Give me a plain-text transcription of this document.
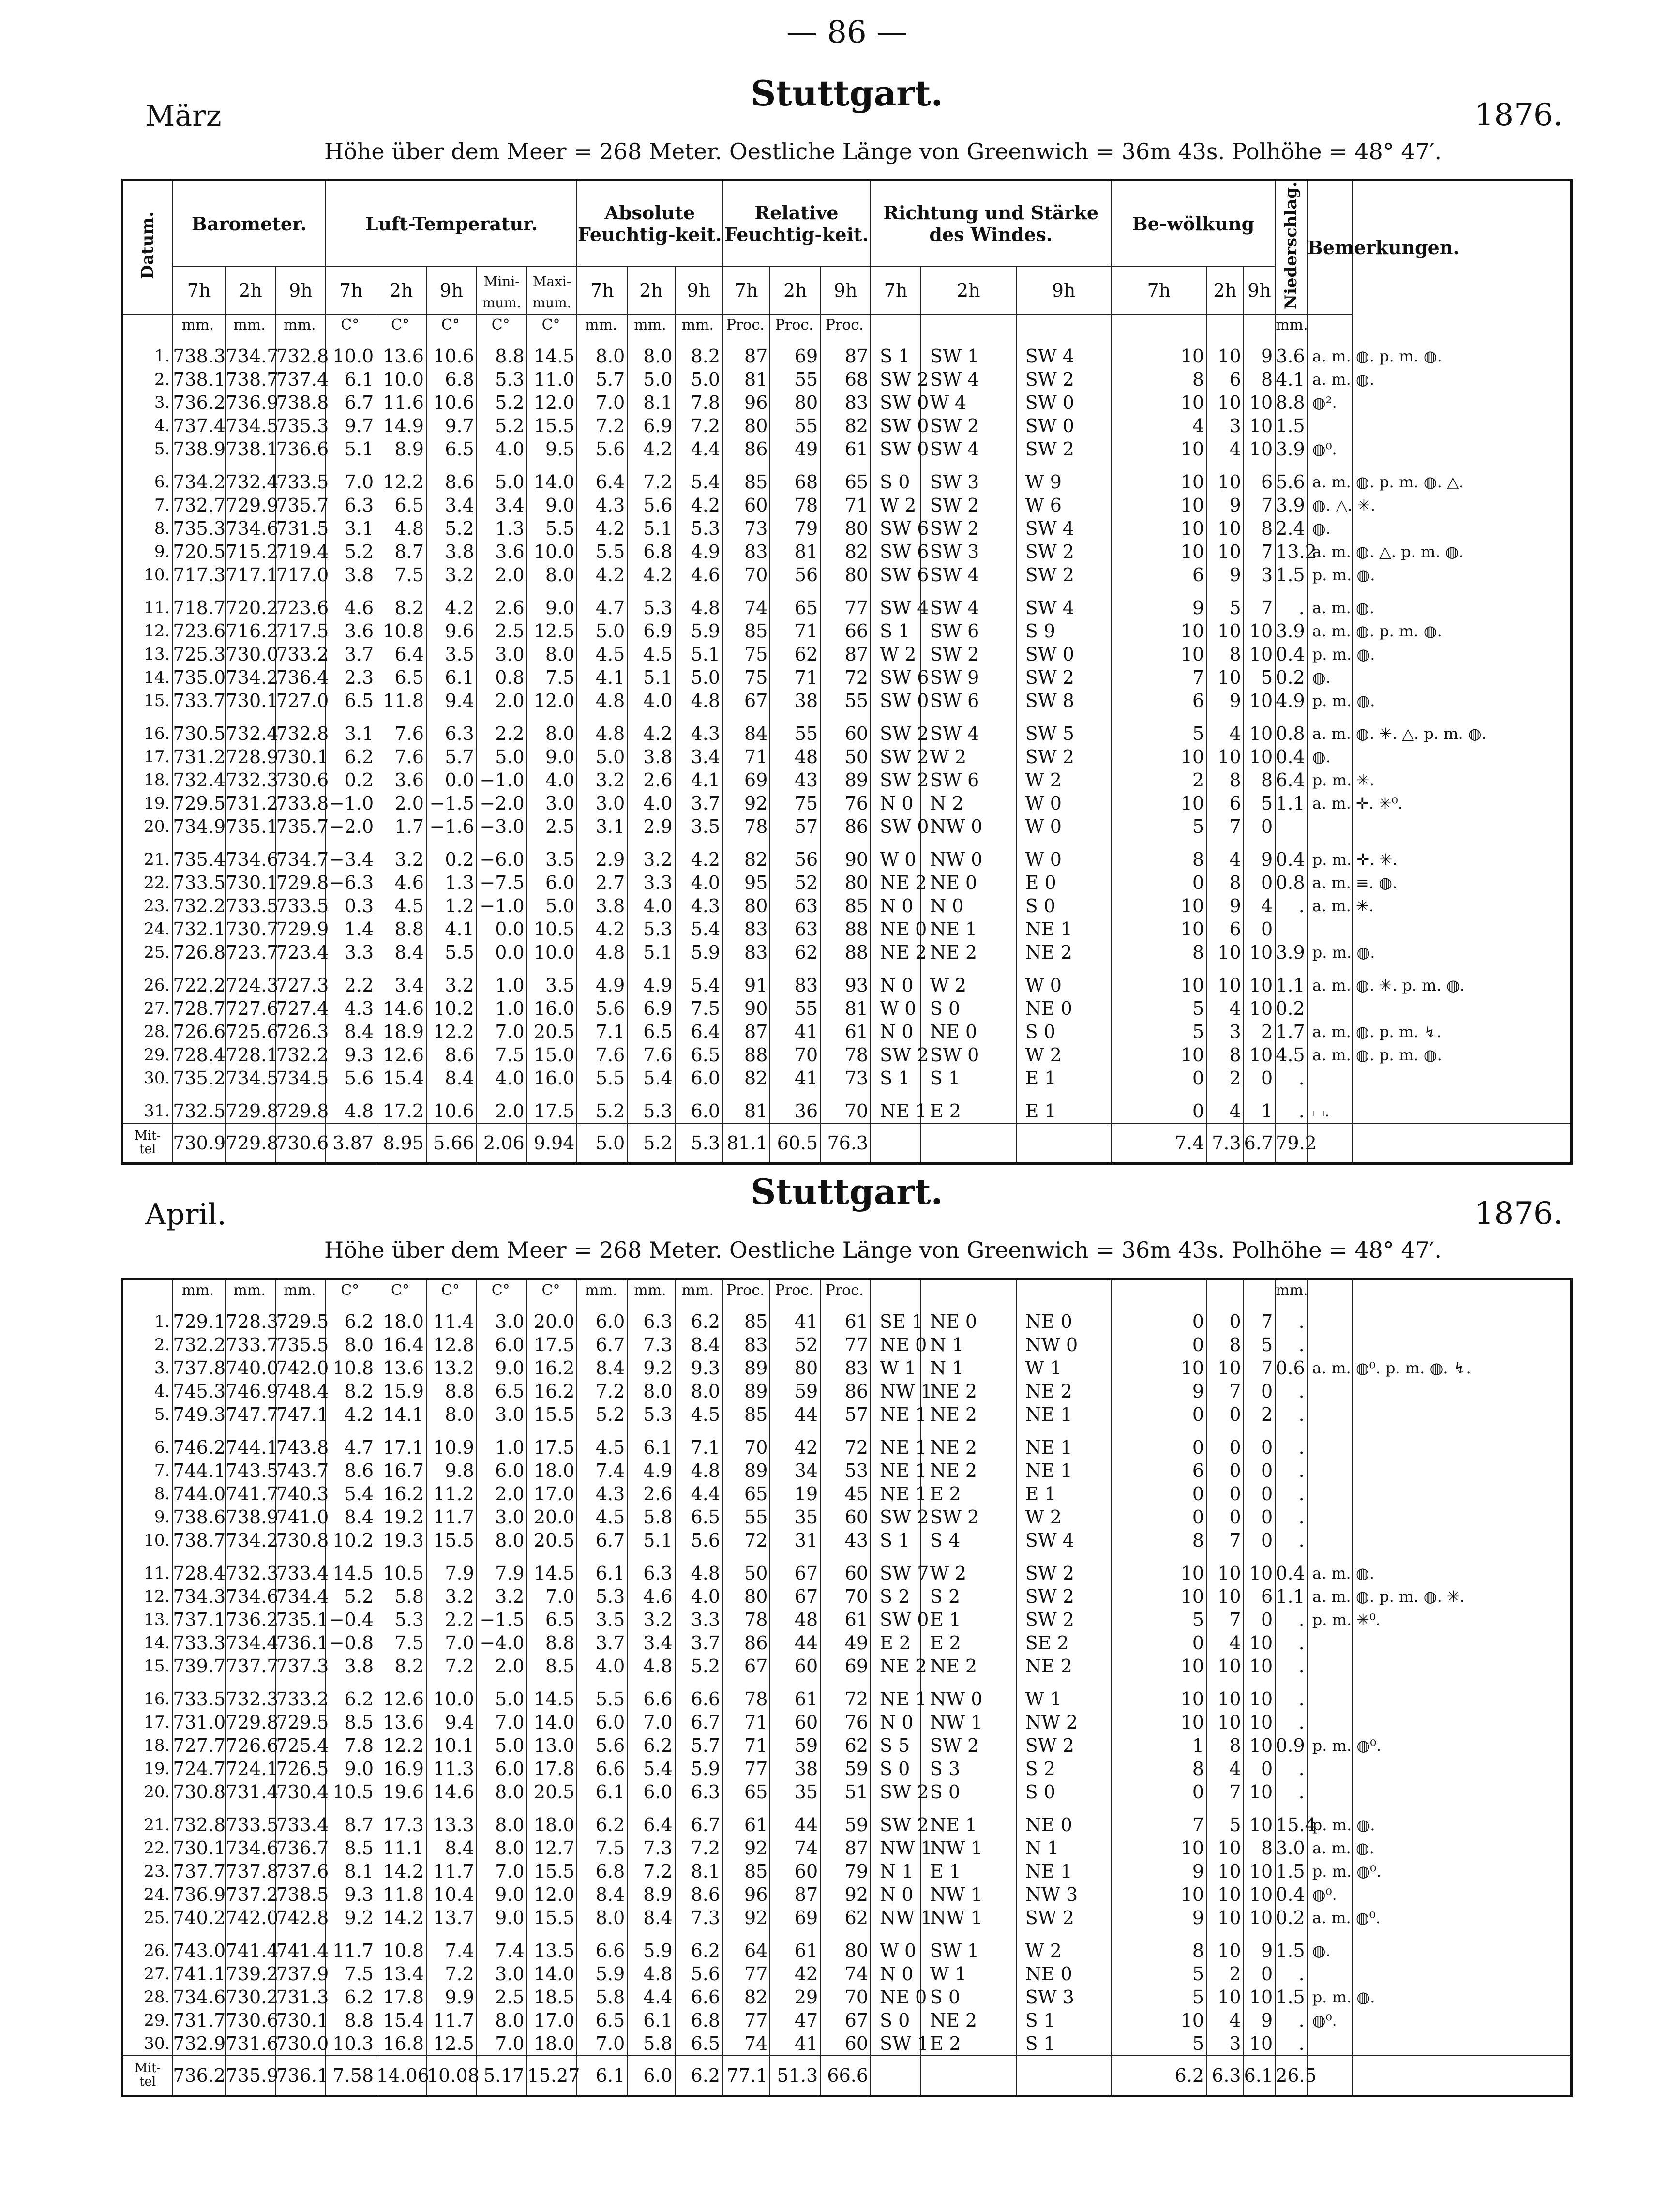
— 86 —
März
Stuttgart.
1876.
Höhe über dem Meer = 268 Meter. Oestliche Länge von Greenwich = 36m 43s. Polhöhe = 48° 47′.
Datum.	Barometer.			Luft-Temperatur.					Absolute Feuchtig-keit.			Relative Feuchtig-keit.			Richtung und Stärke des Windes.			Be-wölkung			Niederschlag.	Bemerkungen.	
	7h	2h	9h	7h	2h	9h	Mini-mum.	Maxi-mum.	7h	2h	9h	7h	2h	9h	7h	2h	9h	7h	2h	9h			
	mm.	mm.	mm.	C°	C°	C°	C°	C°	mm.	mm.	mm.	Proc.	Proc.	Proc.							mm.		

1.	738.3	734.7	732.8	10.0	13.6	10.6	8.8	14.5	8.0	8.0	8.2	87	69	87	S 1	SW 1	SW 4	10	10	9	3.6	a. m. ◍. p. m. ◍.	
2.	738.1	738.7	737.4	6.1	10.0	6.8	5.3	11.0	5.7	5.0	5.0	81	55	68	SW 2	SW 4	SW 2	8	6	8	4.1	a. m. ◍.	
3.	736.2	736.9	738.8	6.7	11.6	10.6	5.2	12.0	7.0	8.1	7.8	96	80	83	SW 0	W 4	SW 0	10	10	10	8.8	◍².	
4.	737.4	734.5	735.3	9.7	14.9	9.7	5.2	15.5	7.2	6.9	7.2	80	55	82	SW 0	SW 2	SW 0	4	3	10	1.5		
5.	738.9	738.1	736.6	5.1	8.9	6.5	4.0	9.5	5.6	4.2	4.4	86	49	61	SW 0	SW 4	SW 2	10	4	10	3.9	◍⁰.	

6.	734.2	732.4	733.5	7.0	12.2	8.6	5.0	14.0	6.4	7.2	5.4	85	68	65	S 0	SW 3	W 9	10	10	6	5.6	a. m. ◍. p. m. ◍. △.	
7.	732.7	729.9	735.7	6.3	6.5	3.4	3.4	9.0	4.3	5.6	4.2	60	78	71	W 2	SW 2	W 6	10	9	7	3.9	◍. △. ✳.	
8.	735.3	734.6	731.5	3.1	4.8	5.2	1.3	5.5	4.2	5.1	5.3	73	79	80	SW 6	SW 2	SW 4	10	10	8	2.4	◍.	
9.	720.5	715.2	719.4	5.2	8.7	3.8	3.6	10.0	5.5	6.8	4.9	83	81	82	SW 6	SW 3	SW 2	10	10	7	13.2	a. m. ◍. △. p. m. ◍.	
10.	717.3	717.1	717.0	3.8	7.5	3.2	2.0	8.0	4.2	4.2	4.6	70	56	80	SW 6	SW 4	SW 2	6	9	3	1.5	p. m. ◍.	

11.	718.7	720.2	723.6	4.6	8.2	4.2	2.6	9.0	4.7	5.3	4.8	74	65	77	SW 4	SW 4	SW 4	9	5	7	.	a. m. ◍.	
12.	723.6	716.2	717.5	3.6	10.8	9.6	2.5	12.5	5.0	6.9	5.9	85	71	66	S 1	SW 6	S 9	10	10	10	3.9	a. m. ◍. p. m. ◍.	
13.	725.3	730.0	733.2	3.7	6.4	3.5	3.0	8.0	4.5	4.5	5.1	75	62	87	W 2	SW 2	SW 0	10	8	10	0.4	p. m. ◍.	
14.	735.0	734.2	736.4	2.3	6.5	6.1	0.8	7.5	4.1	5.1	5.0	75	71	72	SW 6	SW 9	SW 2	7	10	5	0.2	◍.	
15.	733.7	730.1	727.0	6.5	11.8	9.4	2.0	12.0	4.8	4.0	4.8	67	38	55	SW 0	SW 6	SW 8	6	9	10	4.9	p. m. ◍.	

16.	730.5	732.4	732.8	3.1	7.6	6.3	2.2	8.0	4.8	4.2	4.3	84	55	60	SW 2	SW 4	SW 5	5	4	10	0.8	a. m. ◍. ✳. △. p. m. ◍.	
17.	731.2	728.9	730.1	6.2	7.6	5.7	5.0	9.0	5.0	3.8	3.4	71	48	50	SW 2	W 2	SW 2	10	10	10	0.4	◍.	
18.	732.4	732.3	730.6	0.2	3.6	0.0	−1.0	4.0	3.2	2.6	4.1	69	43	89	SW 2	SW 6	W 2	2	8	8	6.4	p. m. ✳.	
19.	729.5	731.2	733.8	−1.0	2.0	−1.5	−2.0	3.0	3.0	4.0	3.7	92	75	76	N 0	N 2	W 0	10	6	5	1.1	a. m. ✛. ✳⁰.	
20.	734.9	735.1	735.7	−2.0	1.7	−1.6	−3.0	2.5	3.1	2.9	3.5	78	57	86	SW 0	NW 0	W 0	5	7	0			

21.	735.4	734.6	734.7	−3.4	3.2	0.2	−6.0	3.5	2.9	3.2	4.2	82	56	90	W 0	NW 0	W 0	8	4	9	0.4	p. m. ✛. ✳.	
22.	733.5	730.1	729.8	−6.3	4.6	1.3	−7.5	6.0	2.7	3.3	4.0	95	52	80	NE 2	NE 0	E 0	0	8	0	0.8	a. m. ≡. ◍.	
23.	732.2	733.5	733.5	0.3	4.5	1.2	−1.0	5.0	3.8	4.0	4.3	80	63	85	N 0	N 0	S 0	10	9	4	.	a. m. ✳.	
24.	732.1	730.7	729.9	1.4	8.8	4.1	0.0	10.5	4.2	5.3	5.4	83	63	88	NE 0	NE 1	NE 1	10	6	0			
25.	726.8	723.7	723.4	3.3	8.4	5.5	0.0	10.0	4.8	5.1	5.9	83	62	88	NE 2	NE 2	NE 2	8	10	10	3.9	p. m. ◍.	

26.	722.2	724.3	727.3	2.2	3.4	3.2	1.0	3.5	4.9	4.9	5.4	91	83	93	N 0	W 2	W 0	10	10	10	1.1	a. m. ◍. ✳. p. m. ◍.	
27.	728.7	727.6	727.4	4.3	14.6	10.2	1.0	16.0	5.6	6.9	7.5	90	55	81	W 0	S 0	NE 0	5	4	10	0.2		
28.	726.6	725.6	726.3	8.4	18.9	12.2	7.0	20.5	7.1	6.5	6.4	87	41	61	N 0	NE 0	S 0	5	3	2	1.7	a. m. ◍. p. m. ↯.	
29.	728.4	728.1	732.2	9.3	12.6	8.6	7.5	15.0	7.6	7.6	6.5	88	70	78	SW 2	SW 0	W 2	10	8	10	4.5	a. m. ◍. p. m. ◍.	
30.	735.2	734.5	734.5	5.6	15.4	8.4	4.0	16.0	5.5	5.4	6.0	82	41	73	S 1	S 1	E 1	0	2	0	.		

31.	732.5	729.8	729.8	4.8	17.2	10.6	2.0	17.5	5.2	5.3	6.0	81	36	70	NE 1	E 2	E 1	0	4	1	.	⌴.	
Mit-tel	730.9	729.8	730.6	3.87	8.95	5.66	2.06	9.94	5.0	5.2	5.3	81.1	60.5	76.3				7.4	7.3	6.7	79.2		
April.
Stuttgart.
1876.
Höhe über dem Meer = 268 Meter. Oestliche Länge von Greenwich = 36m 43s. Polhöhe = 48° 47′.
	mm.	mm.	mm.	C°	C°	C°	C°	C°	mm.	mm.	mm.	Proc.	Proc.	Proc.							mm.		

1.	729.1	728.3	729.5	6.2	18.0	11.4	3.0	20.0	6.0	6.3	6.2	85	41	61	SE 1	NE 0	NE 0	0	0	7	.		
2.	732.2	733.7	735.5	8.0	16.4	12.8	6.0	17.5	6.7	7.3	8.4	83	52	77	NE 0	N 1	NW 0	0	8	5	.		
3.	737.8	740.0	742.0	10.8	13.6	13.2	9.0	16.2	8.4	9.2	9.3	89	80	83	W 1	N 1	W 1	10	10	7	0.6	a. m. ◍⁰. p. m. ◍. ↯.	
4.	745.3	746.9	748.4	8.2	15.9	8.8	6.5	16.2	7.2	8.0	8.0	89	59	86	NW 1	NE 2	NE 2	9	7	0	.		
5.	749.3	747.7	747.1	4.2	14.1	8.0	3.0	15.5	5.2	5.3	4.5	85	44	57	NE 1	NE 2	NE 1	0	0	2	.		

6.	746.2	744.1	743.8	4.7	17.1	10.9	1.0	17.5	4.5	6.1	7.1	70	42	72	NE 1	NE 2	NE 1	0	0	0	.		
7.	744.1	743.5	743.7	8.6	16.7	9.8	6.0	18.0	7.4	4.9	4.8	89	34	53	NE 1	NE 2	NE 1	6	0	0	.		
8.	744.0	741.7	740.3	5.4	16.2	11.2	2.0	17.0	4.3	2.6	4.4	65	19	45	NE 1	E 2	E 1	0	0	0	.		
9.	738.6	738.9	741.0	8.4	19.2	11.7	3.0	20.0	4.5	5.8	6.5	55	35	60	SW 2	SW 2	W 2	0	0	0	.		
10.	738.7	734.2	730.8	10.2	19.3	15.5	8.0	20.5	6.7	5.1	5.6	72	31	43	S 1	S 4	SW 4	8	7	0	.		

11.	728.4	732.3	733.4	14.5	10.5	7.9	7.9	14.5	6.1	6.3	4.8	50	67	60	SW 7	W 2	SW 2	10	10	10	0.4	a. m. ◍.	
12.	734.3	734.6	734.4	5.2	5.8	3.2	3.2	7.0	5.3	4.6	4.0	80	67	70	S 2	S 2	SW 2	10	10	6	1.1	a. m. ◍. p. m. ◍. ✳.	
13.	737.1	736.2	735.1	−0.4	5.3	2.2	−1.5	6.5	3.5	3.2	3.3	78	48	61	SW 0	E 1	SW 2	5	7	0	.	p. m. ✳⁰.	
14.	733.3	734.4	736.1	−0.8	7.5	7.0	−4.0	8.8	3.7	3.4	3.7	86	44	49	E 2	E 2	SE 2	0	4	10	.		
15.	739.7	737.7	737.3	3.8	8.2	7.2	2.0	8.5	4.0	4.8	5.2	67	60	69	NE 2	NE 2	NE 2	10	10	10	.		

16.	733.5	732.3	733.2	6.2	12.6	10.0	5.0	14.5	5.5	6.6	6.6	78	61	72	NE 1	NW 0	W 1	10	10	10	.		
17.	731.0	729.8	729.5	8.5	13.6	9.4	7.0	14.0	6.0	7.0	6.7	71	60	76	N 0	NW 1	NW 2	10	10	10	.		
18.	727.7	726.6	725.4	7.8	12.2	10.1	5.0	13.0	5.6	6.2	5.7	71	59	62	S 5	SW 2	SW 2	1	8	10	0.9	p. m. ◍⁰.	
19.	724.7	724.1	726.5	9.0	16.9	11.3	6.0	17.8	6.6	5.4	5.9	77	38	59	S 0	S 3	S 2	8	4	0	.		
20.	730.8	731.4	730.4	10.5	19.6	14.6	8.0	20.5	6.1	6.0	6.3	65	35	51	SW 2	S 0	S 0	0	7	10	.		

21.	732.8	733.5	733.4	8.7	17.3	13.3	8.0	18.0	6.2	6.4	6.7	61	44	59	SW 2	NE 1	NE 0	7	5	10	15.4	p. m. ◍.	
22.	730.1	734.6	736.7	8.5	11.1	8.4	8.0	12.7	7.5	7.3	7.2	92	74	87	NW 1	NW 1	N 1	10	10	8	3.0	a. m. ◍.	
23.	737.7	737.8	737.6	8.1	14.2	11.7	7.0	15.5	6.8	7.2	8.1	85	60	79	N 1	E 1	NE 1	9	10	10	1.5	p. m. ◍⁰.	
24.	736.9	737.2	738.5	9.3	11.8	10.4	9.0	12.0	8.4	8.9	8.6	96	87	92	N 0	NW 1	NW 3	10	10	10	0.4	◍⁰.	
25.	740.2	742.0	742.8	9.2	14.2	13.7	9.0	15.5	8.0	8.4	7.3	92	69	62	NW 1	NW 1	SW 2	9	10	10	0.2	a. m. ◍⁰.	

26.	743.0	741.4	741.4	11.7	10.8	7.4	7.4	13.5	6.6	5.9	6.2	64	61	80	W 0	SW 1	W 2	8	10	9	1.5	◍.	
27.	741.1	739.2	737.9	7.5	13.4	7.2	3.0	14.0	5.9	4.8	5.6	77	42	74	N 0	W 1	NE 0	5	2	0	.		
28.	734.6	730.2	731.3	6.2	17.8	9.9	2.5	18.5	5.8	4.4	6.6	82	29	70	NE 0	S 0	SW 3	5	10	10	1.5	p. m. ◍.	
29.	731.7	730.6	730.1	8.8	15.4	11.7	8.0	17.0	6.5	6.1	6.8	77	47	67	S 0	NE 2	S 1	10	4	9	.	◍⁰.	
30.	732.9	731.6	730.0	10.3	16.8	12.5	7.0	18.0	7.0	5.8	6.5	74	41	60	SW 1	E 2	S 1	5	3	10	.		
Mit-tel	736.2	735.9	736.1	7.58	14.06	10.08	5.17	15.27	6.1	6.0	6.2	77.1	51.3	66.6				6.2	6.3	6.1	26.5		
